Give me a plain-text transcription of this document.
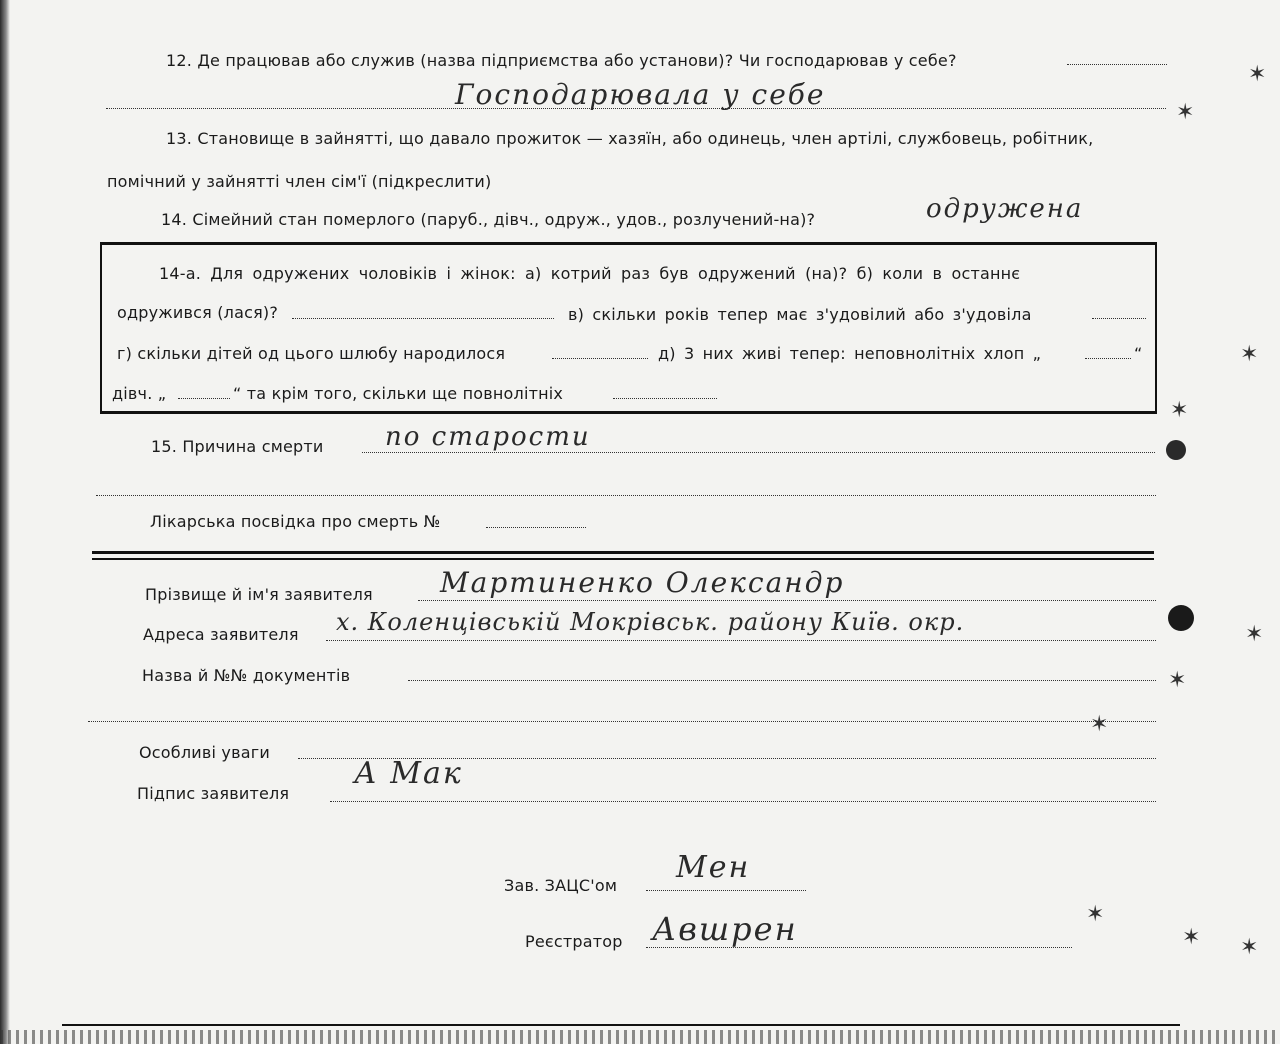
12. Де працював або служив (назва підприємства або установи)? Чи господарював у себе?
Господарювала у себе
13. Становище в зайнятті, що давало прожиток — хазяїн, або одинець, член артілі, службовець, робітник,
помічний у зайнятті член сім'ї (підкреслити)
14. Сімейний стан померлого (паруб., дівч., одруж., удов., розлучений-на)?	одружена
14-а. Для одружених чоловіків і жінок: а) котрий раз був одружений (на)? б) коли в останнє
одружився (лася)?	в) скільки років тепер має з'удовілий або з'удовіла
г) скільки дітей од цього шлюбу народилося	д) 3 них живі тепер: неповнолітніх хлоп „	“
дівч. „	“ та крім того, скільки ще повнолітніх
15. Причина смерти по старости
Лікарська посвідка про смерть №
Прізвище й ім'я заявителя Мартиненко Олександр
Адреса заявителя х. Коленцівській Мокрівськ. району Київ. окр.
Назва й №№ документів
Особливі уваги
Підпис заявителя
А Мак
Зав. ЗАЦС'ом
Мен
Реєстратор Авшрен
✶
✶
✶
✶
✶
✶ ✶
✶
✶
✶
